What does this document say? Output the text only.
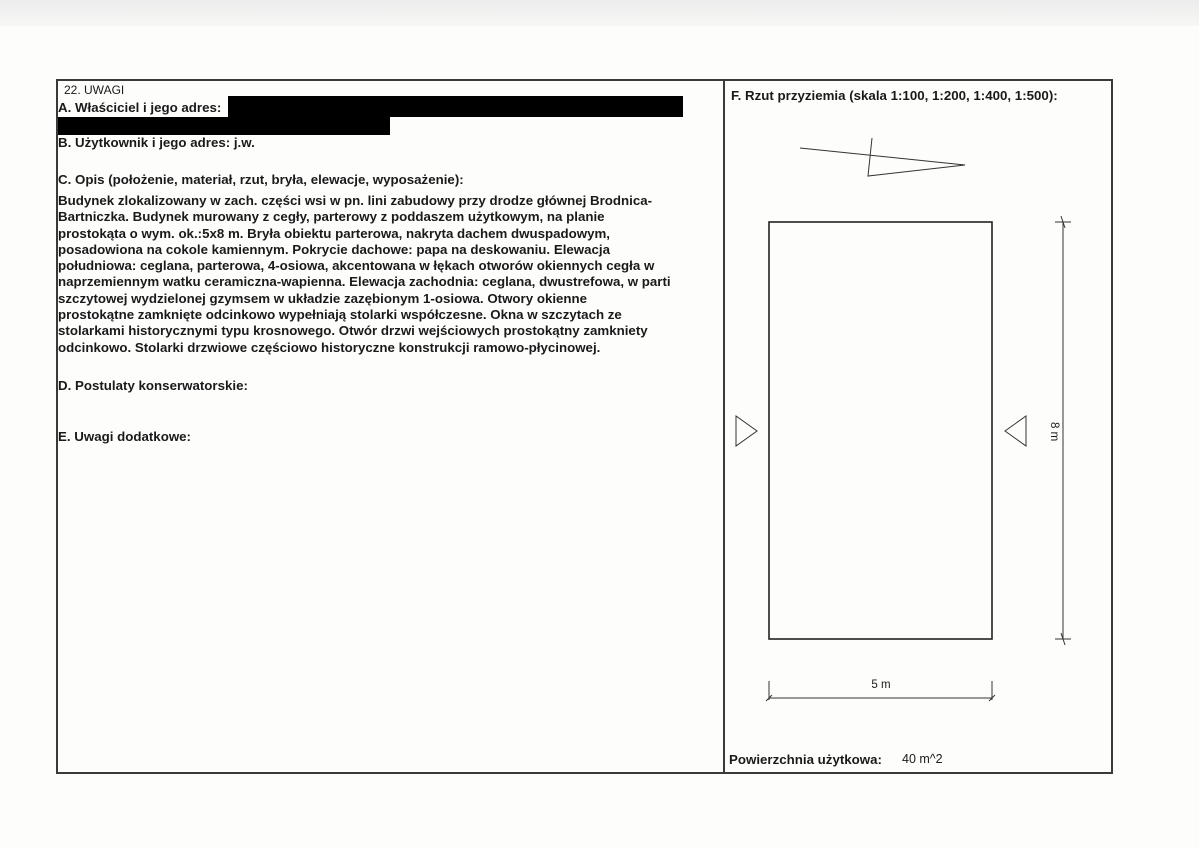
22. UWAGI
A. Właściciel i jego adres:
B. Użytkownik i jego adres: j.w.
C. Opis (położenie, materiał, rzut, bryła, elewacje, wyposażenie):
Budynek zlokalizowany w zach. części wsi w pn. lini zabudowy przy drodze głównej Brodnica-
Bartniczka. Budynek murowany z cegły, parterowy z poddaszem użytkowym, na planie
prostokąta o wym. ok.:5x8 m. Bryła obiektu parterowa, nakryta dachem dwuspadowym,
posadowiona na cokole kamiennym. Pokrycie dachowe: papa na deskowaniu. Elewacja
południowa: ceglana, parterowa, 4-osiowa, akcentowana w łękach otworów okiennych cegła w
naprzemiennym watku ceramiczna-wapienna. Elewacja zachodnia: ceglana, dwustrefowa, w parti
szczytowej wydzielonej gzymsem w układzie zazębionym 1-osiowa. Otwory okienne
prostokątne zamknięte odcinkowo wypełniają stolarki współczesne. Okna w szczytach ze
stolarkami historycznymi typu krosnowego. Otwór drzwi wejściowych prostokątny zamkniety
odcinkowo. Stolarki drzwiowe częściowo historyczne konstrukcji ramowo-płycinowej.
D. Postulaty konserwatorskie:
E. Uwagi dodatkowe:
F. Rzut przyziemia (skala 1:100, 1:200, 1:400, 1:500):
8 m
5 m
Powierzchnia użytkowa: 40 m^2
